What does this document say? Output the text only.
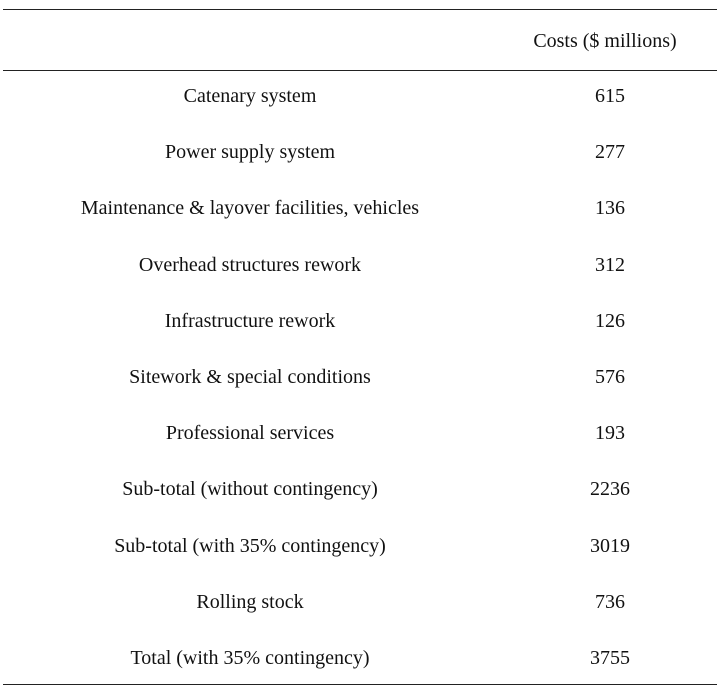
Costs ($ millions)
Catenary system	615
Power supply system	277
Maintenance & layover facilities, vehicles	136
Overhead structures rework	312
Infrastructure rework	126
Sitework & special conditions	576
Professional services	193
Sub-total (without contingency)	2236
Sub-total (with 35% contingency)	3019
Rolling stock	736
Total (with 35% contingency)	3755
